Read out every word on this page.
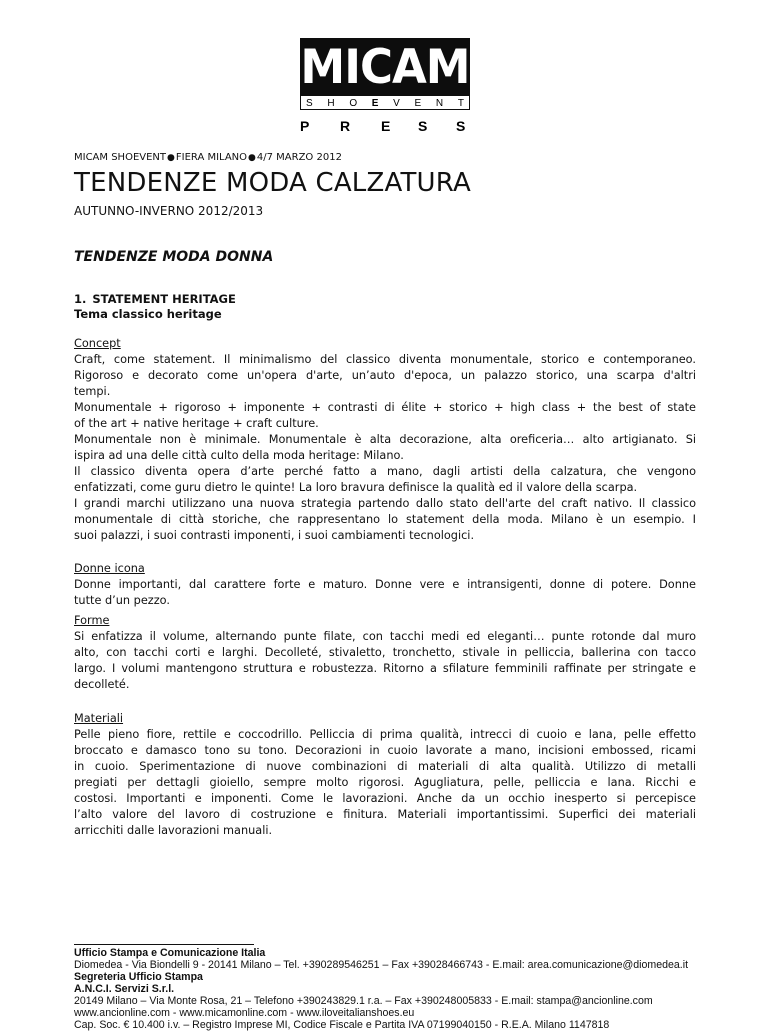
MICAM
S H O E V E N T
P R E S S
MICAM SHOEVENT●FIERA MILANO●4/7 MARZO 2012
TENDENZE MODA CALZATURA
AUTUNNO-INVERNO 2012/2013
TENDENZE MODA DONNA
1. STATEMENT HERITAGE
Tema classico heritage
Concept
Craft, come statement. Il minimalismo del classico diventa monumentale, storico e contemporaneo.
Rigoroso e decorato come un'opera d'arte, un’auto d'epoca, un palazzo storico, una scarpa d'altri
tempi.
Monumentale + rigoroso + imponente + contrasti di élite + storico + high class + the best of state
of the art + native heritage + craft culture.
Monumentale non è minimale. Monumentale è alta decorazione, alta oreficeria… alto artigianato. Si
ispira ad una delle città culto della moda heritage: Milano.
Il classico diventa opera d’arte perché fatto a mano, dagli artisti della calzatura, che vengono
enfatizzati, come guru dietro le quinte! La loro bravura definisce la qualità ed il valore della scarpa.
I grandi marchi utilizzano una nuova strategia partendo dallo stato dell'arte del craft nativo. Il classico
monumentale di città storiche, che rappresentano lo statement della moda. Milano è un esempio. I
suoi palazzi, i suoi contrasti imponenti, i suoi cambiamenti tecnologici.
Donne icona
Donne importanti, dal carattere forte e maturo. Donne vere e intransigenti, donne di potere. Donne
tutte d’un pezzo.
Forme
Si enfatizza il volume, alternando punte filate, con tacchi medi ed eleganti… punte rotonde dal muro
alto, con tacchi corti e larghi. Decolleté, stivaletto, tronchetto, stivale in pelliccia, ballerina con tacco
largo. I volumi mantengono struttura e robustezza. Ritorno a sfilature femminili raffinate per stringate e
decolleté.
Materiali
Pelle pieno fiore, rettile e coccodrillo. Pelliccia di prima qualità, intrecci di cuoio e lana, pelle effetto
broccato e damasco tono su tono. Decorazioni in cuoio lavorate a mano, incisioni embossed, ricami
in cuoio. Sperimentazione di nuove combinazioni di materiali di alta qualità. Utilizzo di metalli
pregiati per dettagli gioiello, sempre molto rigorosi. Agugliatura, pelle, pelliccia e lana. Ricchi e
costosi. Importanti e imponenti. Come le lavorazioni. Anche da un occhio inesperto si percepisce
l’alto valore del lavoro di costruzione e finitura. Materiali importantissimi. Superfici dei materiali
arricchiti dalle lavorazioni manuali.
Ufficio Stampa e Comunicazione Italia
Diomedea - Via Biondelli 9 - 20141 Milano – Tel. +390289546251 – Fax +39028466743 - E.mail: area.comunicazione@diomedea.it
Segreteria Ufficio Stampa
A.N.C.I. Servizi S.r.l.
20149 Milano – Via Monte Rosa, 21 – Telefono +390243829.1 r.a. – Fax +390248005833 - E.mail: stampa@ancionline.com
www.ancionline.com - www.micamonline.com - www.iloveitalianshoes.eu
Cap. Soc. € 10.400 i.v. – Registro Imprese MI, Codice Fiscale e Partita IVA 07199040150 - R.E.A. Milano 1147818
